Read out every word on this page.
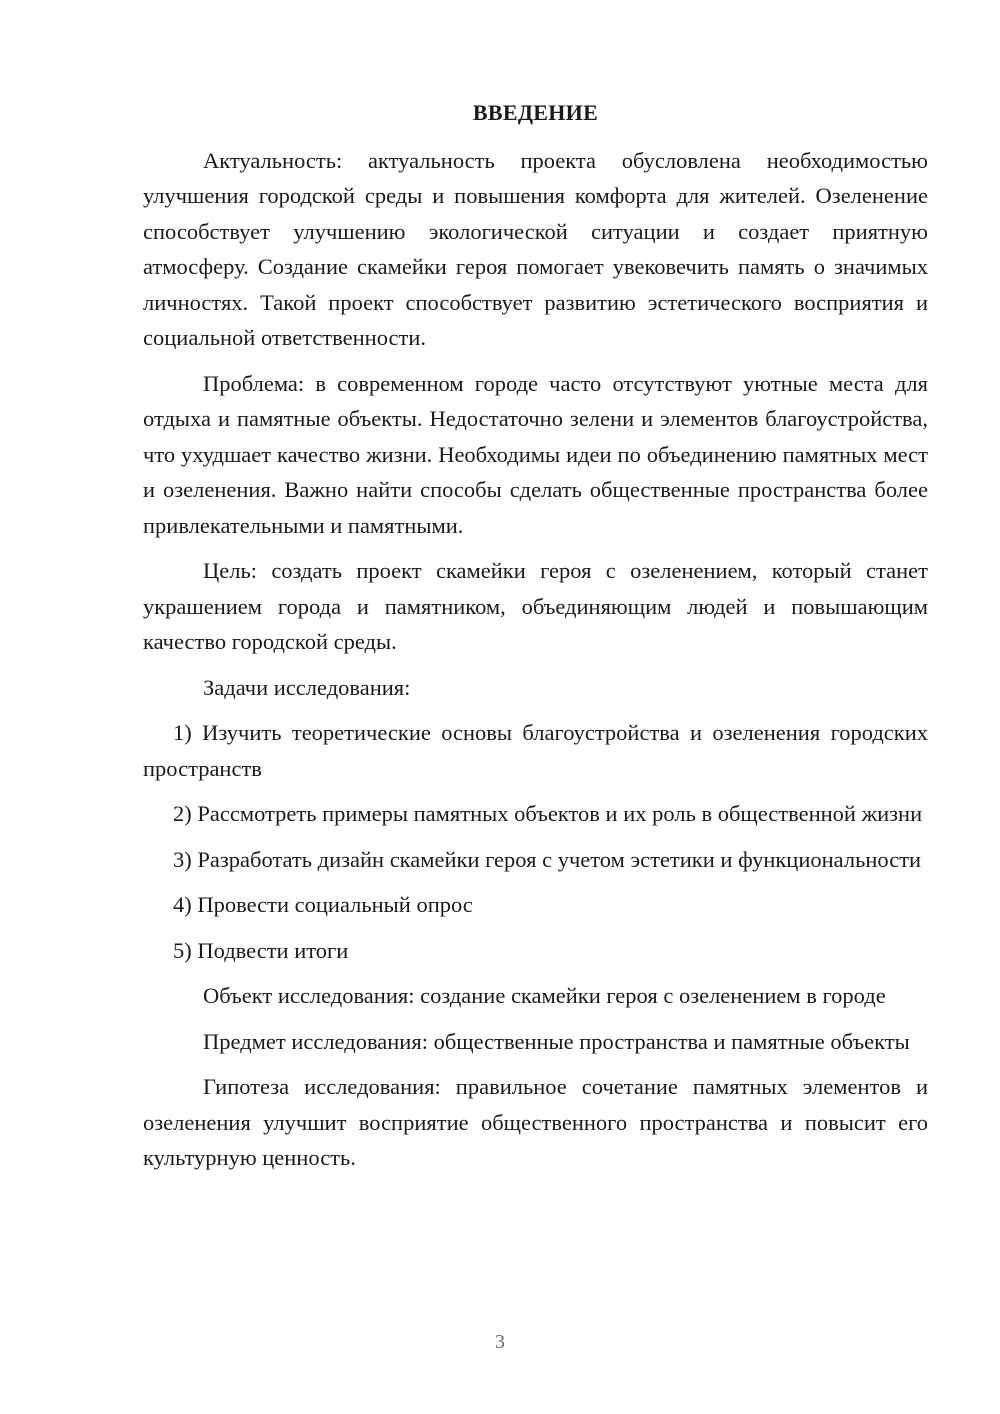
ВВЕДЕНИЕ

Актуальность: актуальность проекта обусловлена необходимостью улучшения городской среды и повышения комфорта для жителей. Озеленение способствует улучшению экологической ситуации и создает приятную атмосферу. Создание скамейки героя помогает увековечить память о значимых личностях. Такой проект способствует развитию эстетического восприятия и социальной ответственности.

Проблема: в современном городе часто отсутствуют уютные места для отдыха и памятные объекты. Недостаточно зелени и элементов благоустройства, что ухудшает качество жизни. Необходимы идеи по объединению памятных мест и озеленения. Важно найти способы сделать общественные пространства более привлекательными и памятными.

Цель: создать проект скамейки героя с озеленением, который станет украшением города и памятником, объединяющим людей и повышающим качество городской среды.

Задачи исследования:

1) Изучить теоретические основы благоустройства и озеленения городских пространств

2) Рассмотреть примеры памятных объектов и их роль в общественной жизни

3) Разработать дизайн скамейки героя с учетом эстетики и функциональности

4) Провести социальный опрос

5) Подвести итоги

Объект исследования: создание скамейки героя с озеленением в городе

Предмет исследования: общественные пространства и памятные объекты

Гипотеза исследования: правильное сочетание памятных элементов и озеленения улучшит восприятие общественного пространства и повысит его культурную ценность.

3
